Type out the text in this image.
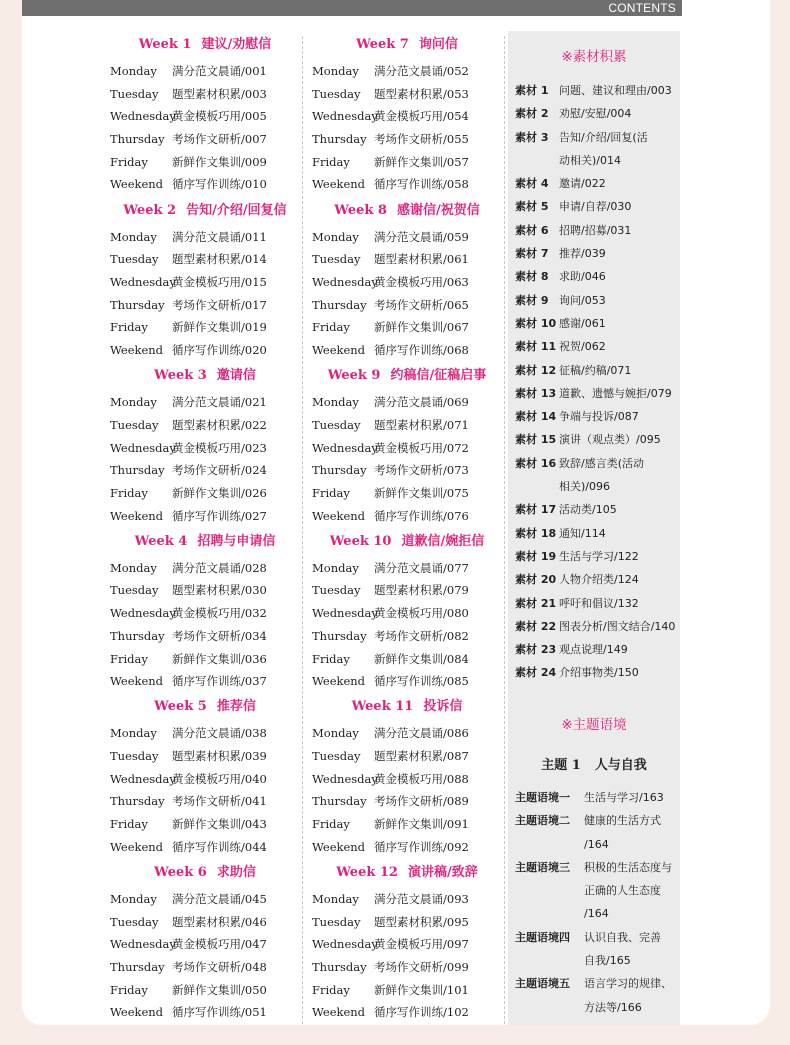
CONTENTS
Week 1 建议/劝慰信
Monday 满分范文晨诵/001
Tuesday 题型素材积累/003
Wednesday黄金模板巧用/005
Thursday 考场作文研析/007
Friday 新鲜作文集训/009
Weekend 循序写作训练/010
Week 2 告知/介绍/回复信
Monday 满分范文晨诵/011
Tuesday 题型素材积累/014
Wednesday黄金模板巧用/015
Thursday 考场作文研析/017
Friday 新鲜作文集训/019
Weekend 循序写作训练/020
Week 3 邀请信
Monday 满分范文晨诵/021
Tuesday 题型素材积累/022
Wednesday黄金模板巧用/023
Thursday 考场作文研析/024
Friday 新鲜作文集训/026
Weekend 循序写作训练/027
Week 4 招聘与申请信
Monday 满分范文晨诵/028
Tuesday 题型素材积累/030
Wednesday黄金模板巧用/032
Thursday 考场作文研析/034
Friday 新鲜作文集训/036
Weekend 循序写作训练/037
Week 5 推荐信
Monday 满分范文晨诵/038
Tuesday 题型素材积累/039
Wednesday黄金模板巧用/040
Thursday 考场作文研析/041
Friday 新鲜作文集训/043
Weekend 循序写作训练/044
Week 6 求助信
Monday 满分范文晨诵/045
Tuesday 题型素材积累/046
Wednesday黄金模板巧用/047
Thursday 考场作文研析/048
Friday 新鲜作文集训/050
Weekend 循序写作训练/051
Week 7 询问信
Monday 满分范文晨诵/052
Tuesday 题型素材积累/053
Wednesday黄金模板巧用/054
Thursday 考场作文研析/055
Friday 新鲜作文集训/057
Weekend 循序写作训练/058
Week 8 感谢信/祝贺信
Monday 满分范文晨诵/059
Tuesday 题型素材积累/061
Wednesday黄金模板巧用/063
Thursday 考场作文研析/065
Friday 新鲜作文集训/067
Weekend 循序写作训练/068
Week 9 约稿信/征稿启事
Monday 满分范文晨诵/069
Tuesday 题型素材积累/071
Wednesday黄金模板巧用/072
Thursday 考场作文研析/073
Friday 新鲜作文集训/075
Weekend 循序写作训练/076
Week 10 道歉信/婉拒信
Monday 满分范文晨诵/077
Tuesday 题型素材积累/079
Wednesday黄金模板巧用/080
Thursday 考场作文研析/082
Friday 新鲜作文集训/084
Weekend 循序写作训练/085
Week 11 投诉信
Monday 满分范文晨诵/086
Tuesday 题型素材积累/087
Wednesday黄金模板巧用/088
Thursday 考场作文研析/089
Friday 新鲜作文集训/091
Weekend 循序写作训练/092
Week 12 演讲稿/致辞
Monday 满分范文晨诵/093
Tuesday 题型素材积累/095
Wednesday黄金模板巧用/097
Thursday 考场作文研析/099
Friday 新鲜作文集训/101
Weekend 循序写作训练/102
※素材积累
素材 1 问题、建议和理由/003
素材 2 劝慰/安慰/004
素材 3 告知/介绍/回复(活
动相关)/014
素材 4 邀请/022
素材 5 申请/自荐/030
素材 6 招聘/招募/031
素材 7 推荐/039
素材 8 求助/046
素材 9 询问/053
素材 10 感谢/061
素材 11 祝贺/062
素材 12 征稿/约稿/071
素材 13 道歉、遗憾与婉拒/079
素材 14 争端与投诉/087
素材 15 演讲（观点类）/095
素材 16 致辞/感言类(活动
相关)/096
素材 17 活动类/105
素材 18 通知/114
素材 19 生活与学习/122
素材 20 人物介绍类/124
素材 21 呼吁和倡议/132
素材 22 图表分析/图文结合/140
素材 23 观点说理/149
素材 24 介绍事物类/150
※主题语境
主题 1 人与自我
主题语境一	生活与学习/163
主题语境二	健康的生活方式
/164
主题语境三	积极的生活态度与
正确的人生态度
/164
主题语境四	认识自我、完善
自我/165
主题语境五	语言学习的规律、
方法等/166
